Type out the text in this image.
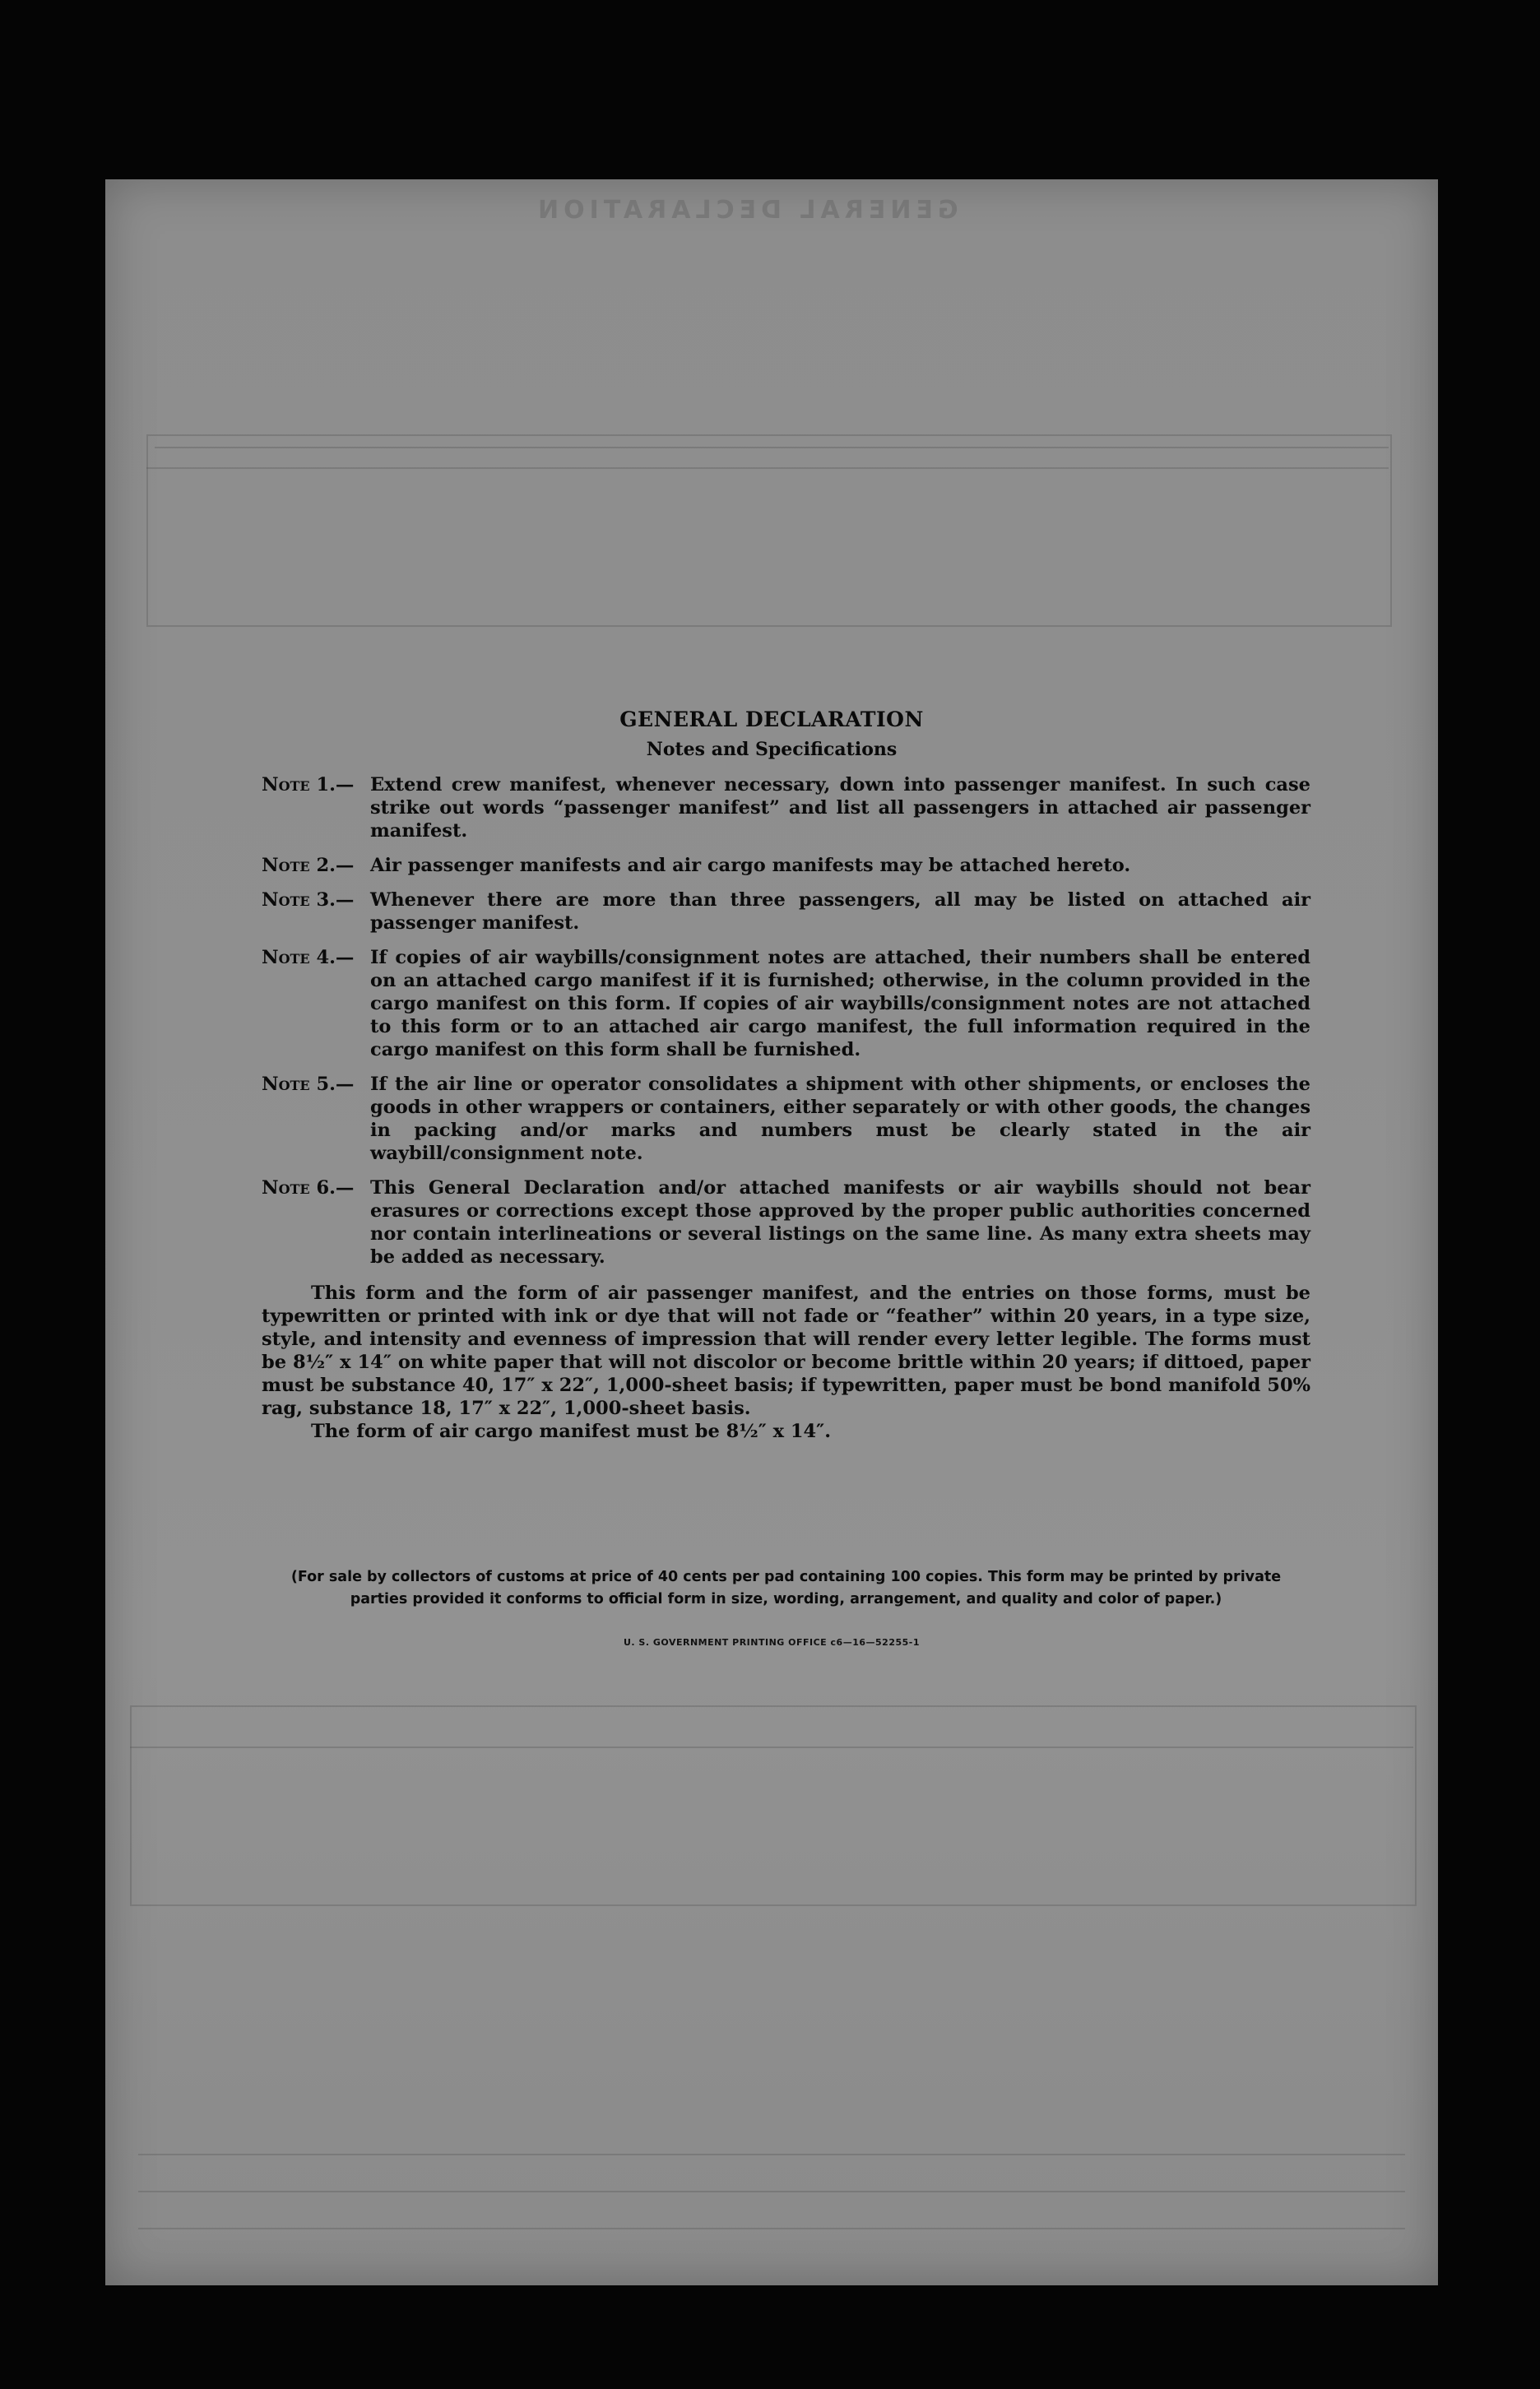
GENERAL DECLARATION
GENERAL DECLARATION
Notes and Specifications
Note 1.— Extend crew manifest, whenever necessary, down into passenger manifest. In such case strike out words “passenger manifest” and list all passengers in attached air passenger manifest.
Note 2.— Air passenger manifests and air cargo manifests may be attached hereto.
Note 3.— Whenever there are more than three passengers, all may be listed on attached air passenger manifest.
Note 4.— If copies of air waybills/consignment notes are attached, their numbers shall be entered on an attached cargo manifest if it is furnished; otherwise, in the column provided in the cargo manifest on this form. If copies of air waybills/consignment notes are not attached to this form or to an attached air cargo manifest, the full information required in the cargo manifest on this form shall be furnished.
Note 5.— If the air line or operator consolidates a shipment with other shipments, or encloses the goods in other wrappers or containers, either separately or with other goods, the changes in packing and/or marks and numbers must be clearly stated in the air waybill/consignment note.
Note 6.— This General Declaration and/or attached manifests or air waybills should not bear erasures or corrections except those approved by the proper public authorities concerned nor contain interlineations or several listings on the same line. As many extra sheets may be added as necessary.
This form and the form of air passenger manifest, and the entries on those forms, must be typewritten or printed with ink or dye that will not fade or “feather” within 20 years, in a type size, style, and intensity and evenness of impression that will render every letter legible. The forms must be 8½″ x 14″ on white paper that will not discolor or become brittle within 20 years; if dittoed, paper must be substance 40, 17″ x 22″, 1,000-sheet basis; if typewritten, paper must be bond manifold 50% rag, substance 18, 17″ x 22″, 1,000-sheet basis.
The form of air cargo manifest must be 8½″ x 14″.
(For sale by collectors of customs at price of 40 cents per pad containing 100 copies. This form may be printed by private parties provided it conforms to official form in size, wording, arrangement, and quality and color of paper.)
U. S. GOVERNMENT PRINTING OFFICE c6—16—52255-1
